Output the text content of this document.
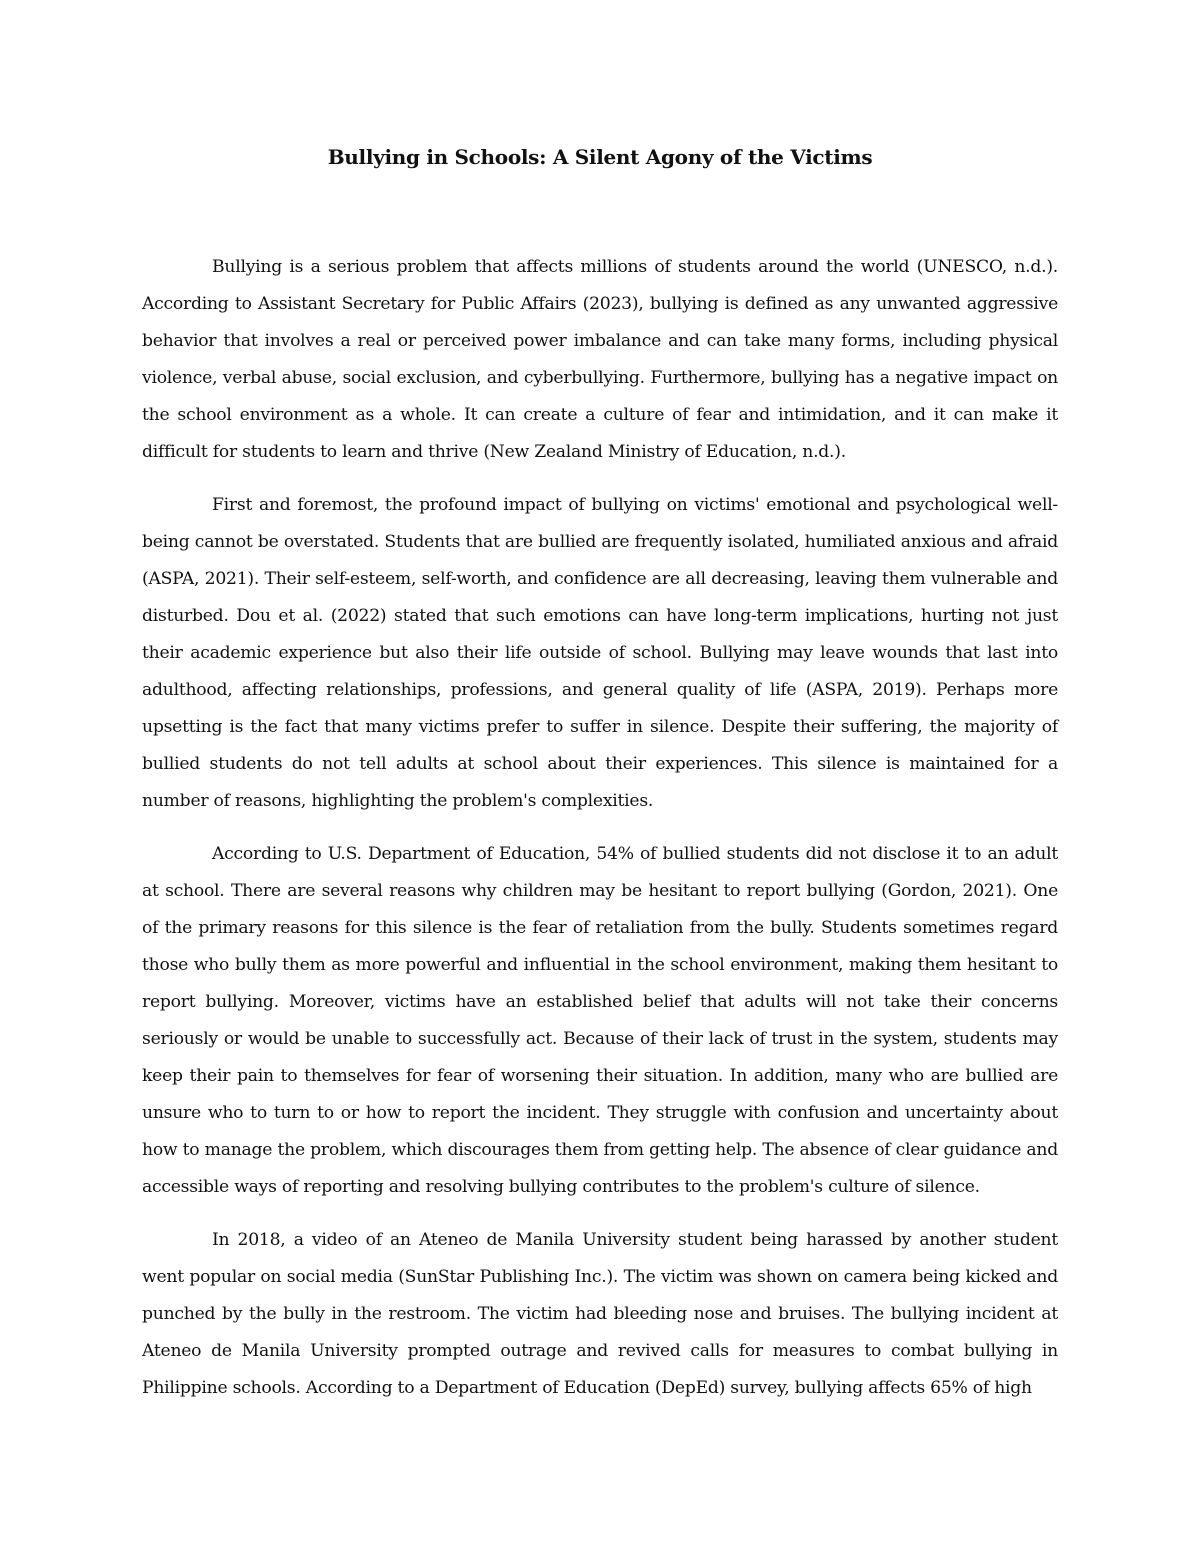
Bullying in Schools: A Silent Agony of the Victims

Bullying is a serious problem that affects millions of students around the world (UNESCO, n.d.). According to Assistant Secretary for Public Affairs (2023), bullying is defined as any unwanted aggressive behavior that involves a real or perceived power imbalance and can take many forms, including physical violence, verbal abuse, social exclusion, and cyberbullying. Furthermore, bullying has a negative impact on the school environment as a whole. It can create a culture of fear and intimidation, and it can make it difficult for students to learn and thrive (New Zealand Ministry of Education, n.d.).

First and foremost, the profound impact of bullying on victims' emotional and psychological well-being cannot be overstated. Students that are bullied are frequently isolated, humiliated anxious and afraid (ASPA, 2021). Their self-esteem, self-worth, and confidence are all decreasing, leaving them vulnerable and disturbed. Dou et al. (2022) stated that such emotions can have long-term implications, hurting not just their academic experience but also their life outside of school. Bullying may leave wounds that last into adulthood, affecting relationships, professions, and general quality of life (ASPA, 2019). Perhaps more upsetting is the fact that many victims prefer to suffer in silence. Despite their suffering, the majority of bullied students do not tell adults at school about their experiences. This silence is maintained for a number of reasons, highlighting the problem's complexities.

According to U.S. Department of Education, 54% of bullied students did not disclose it to an adult at school. There are several reasons why children may be hesitant to report bullying (Gordon, 2021). One of the primary reasons for this silence is the fear of retaliation from the bully. Students sometimes regard those who bully them as more powerful and influential in the school environment, making them hesitant to report bullying. Moreover, victims have an established belief that adults will not take their concerns seriously or would be unable to successfully act. Because of their lack of trust in the system, students may keep their pain to themselves for fear of worsening their situation. In addition, many who are bullied are unsure who to turn to or how to report the incident. They struggle with confusion and uncertainty about how to manage the problem, which discourages them from getting help. The absence of clear guidance and accessible ways of reporting and resolving bullying contributes to the problem's culture of silence.

In 2018, a video of an Ateneo de Manila University student being harassed by another student went popular on social media (SunStar Publishing Inc.). The victim was shown on camera being kicked and punched by the bully in the restroom. The victim had bleeding nose and bruises. The bullying incident at Ateneo de Manila University prompted outrage and revived calls for measures to combat bullying in Philippine schools. According to a Department of Education (DepEd) survey, bullying affects 65% of high
